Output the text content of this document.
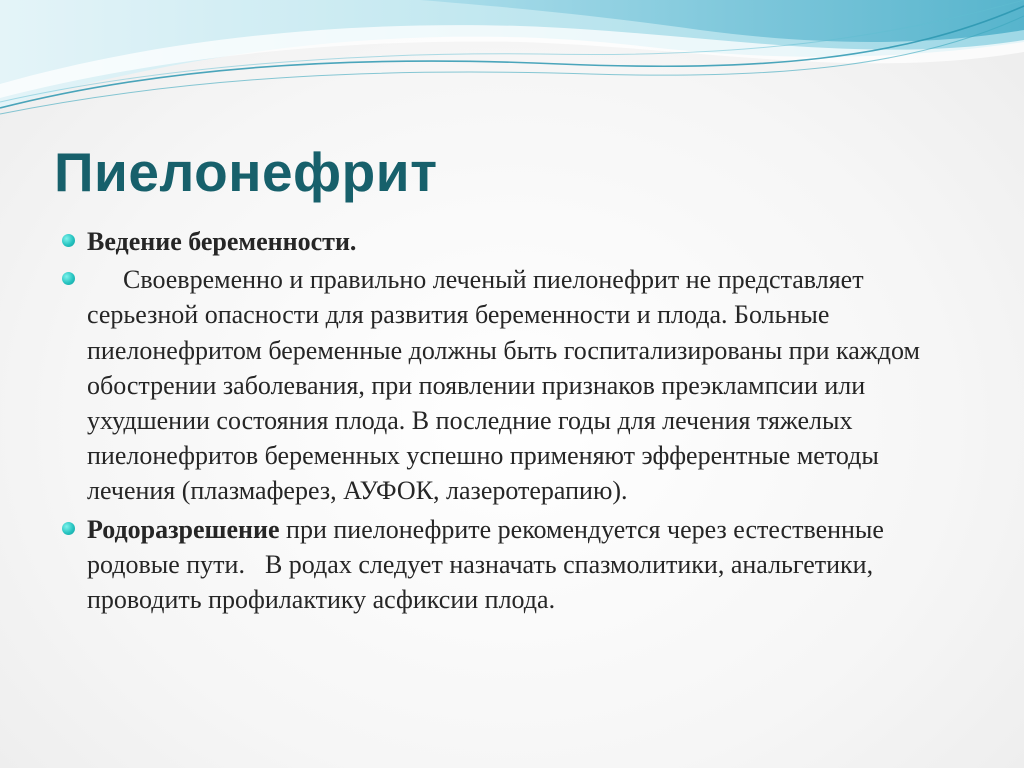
Пиелонефрит
Ведение беременности.
Своевременно и правильно леченый пиелонефрит не представляет серьезной опасности для развития беременности и плода. Больные пиелонефритом беременные должны быть госпитализированы при каждом обострении заболевания, при появлении признаков преэклампсии или ухудшении состояния плода. В последние годы для лечения тяжелых пиелонефритов беременных успешно применяют эфферентные методы лечения (плазмаферез, АУФОК, лазеротерапию).
Родоразрешение при пиелонефрите рекомендуется через естественные родовые пути. В родах следует назначать спазмолитики, анальгетики, проводить профилактику асфиксии плода.
